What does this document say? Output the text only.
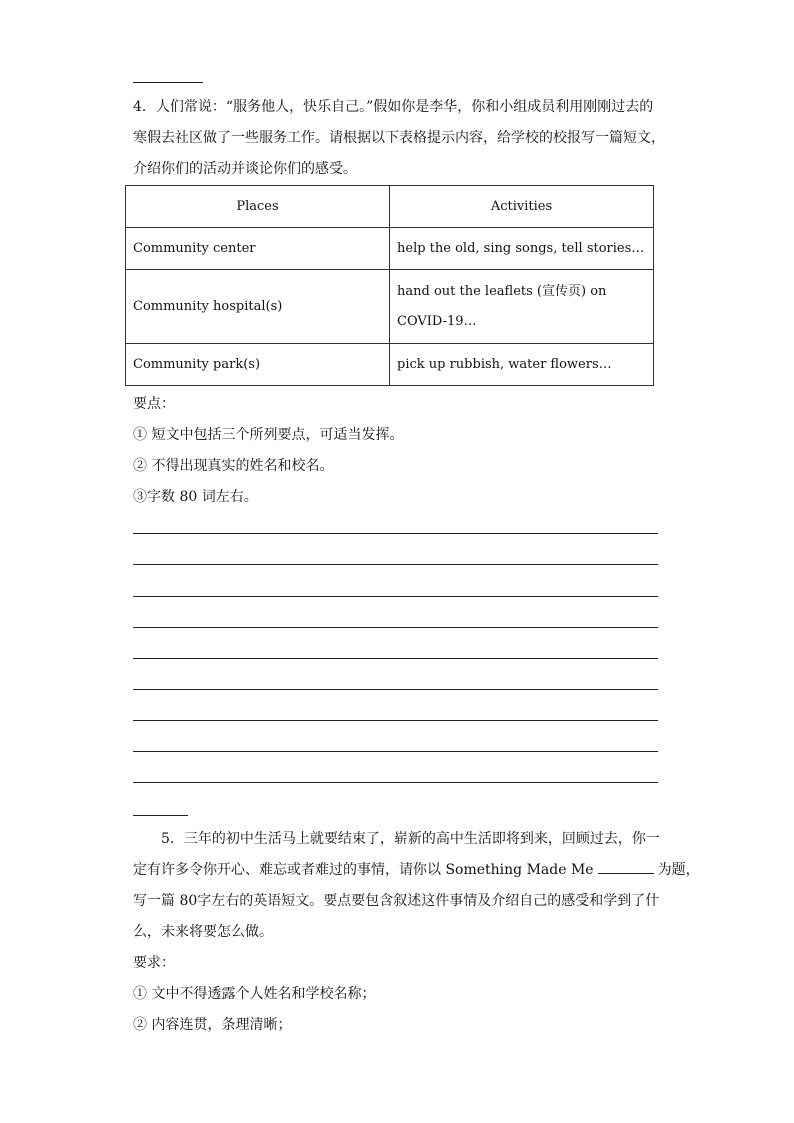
4．人们常说：“服务他人，快乐自己。”假如你是李华，你和小组成员利用刚刚过去的
寒假去社区做了一些服务工作。请根据以下表格提示内容，给学校的校报写一篇短文，
介绍你们的活动并谈论你们的感受。
Places	Activities
Community center	help the old, sing songs, tell stories…
Community hospital(s)	hand out the leaflets (宣传页) on
COVID-19…

Community park(s)	pick up rubbish, water flowers…
要点：
① 短文中包括三个所列要点，可适当发挥。
② 不得出现真实的姓名和校名。
③字数 80 词左右。
5．三年的初中生活马上就要结束了，崭新的高中生活即将到来，回顾过去，你一
定有许多令你开心、难忘或者难过的事情，请你以 Something Made Me	为题，
写一篇 80字左右的英语短文。要点要包含叙述这件事情及介绍自己的感受和学到了什
么，未来将要怎么做。
要求：
① 文中不得透露个人姓名和学校名称；
② 内容连贯，条理清晰；
